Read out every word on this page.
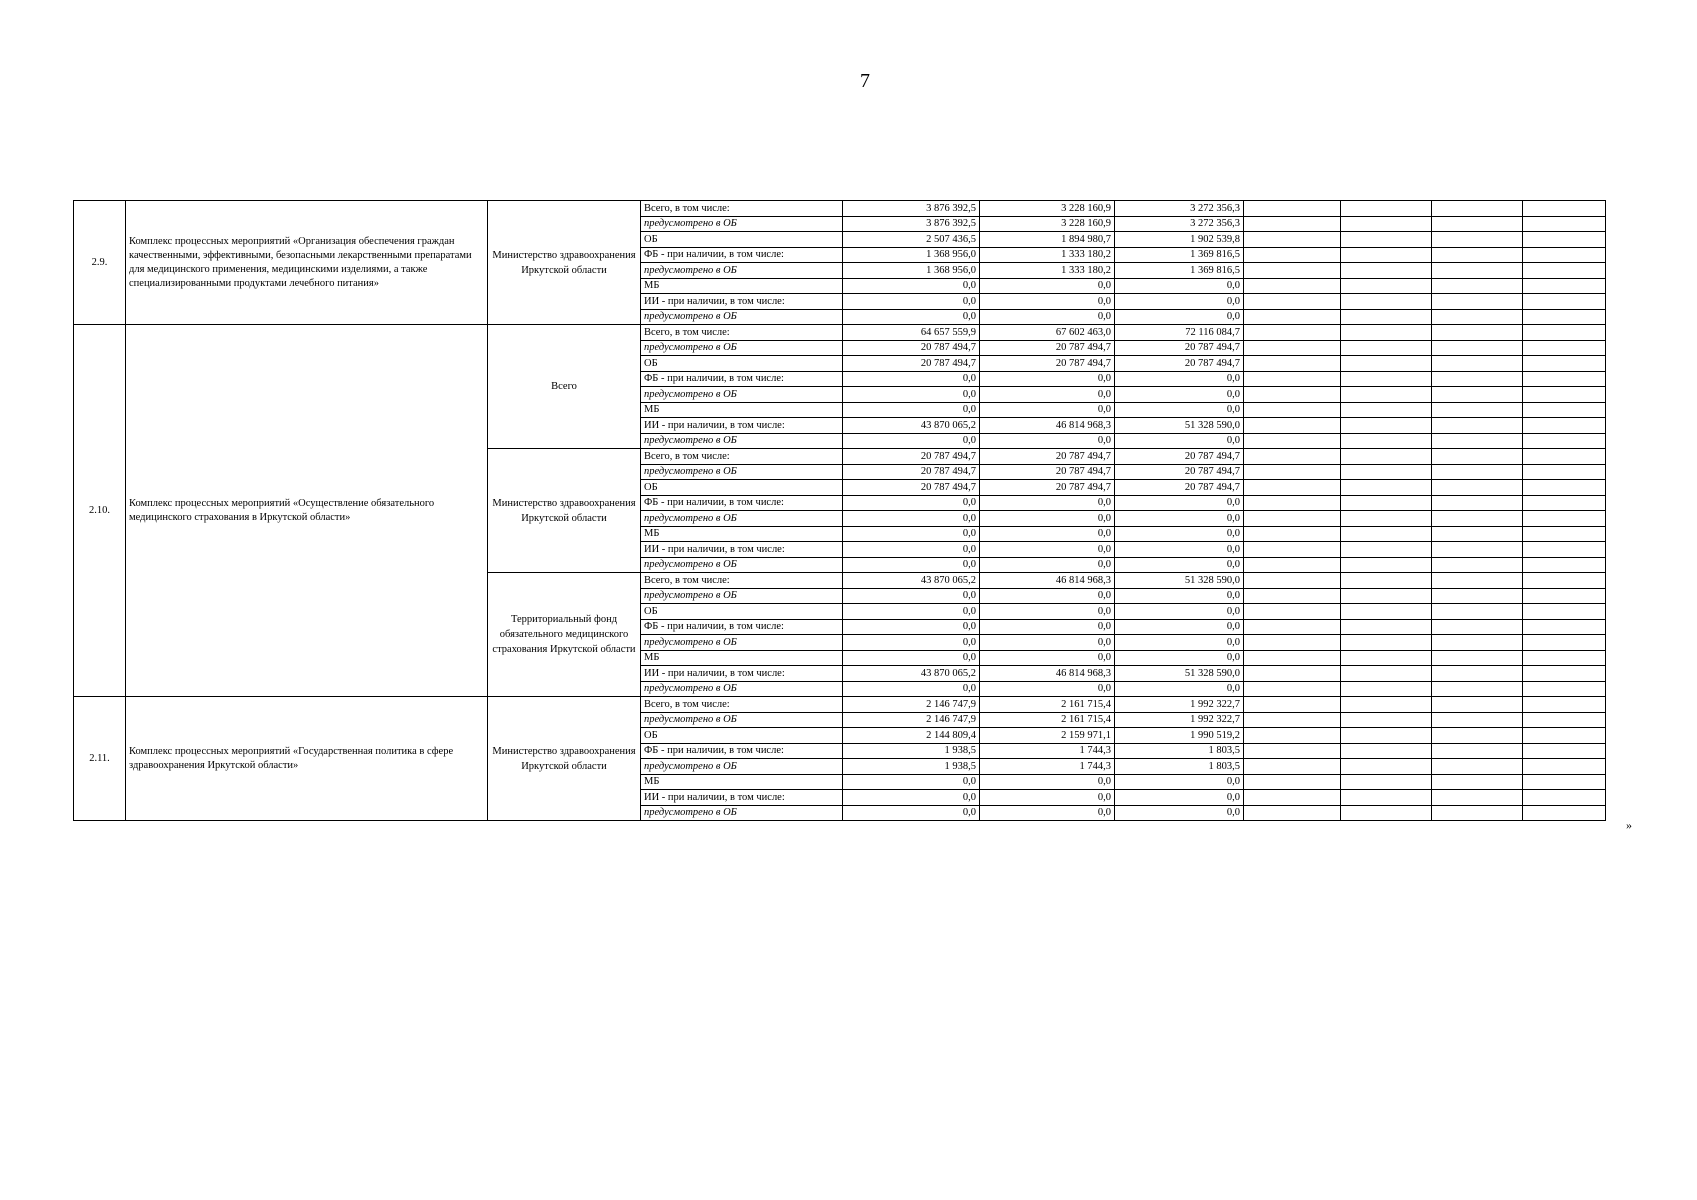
7
2.9.	Комплекс процессных мероприятий «Организация обеспечения граждан качественными, эффективными, безопасными лекарственными препаратами для медицинского применения, медицинскими изделиями, а также специализированными продуктами лечебного питания»	Министерство здравоохранения Иркутской области	Всего, в том числе:	3 876 392,5	3 228 160,9	3 272 356,3				
			предусмотрено в ОБ	3 876 392,5	3 228 160,9	3 272 356,3				
			ОБ	2 507 436,5	1 894 980,7	1 902 539,8				
			ФБ - при наличии, в том числе:	1 368 956,0	1 333 180,2	1 369 816,5				
			предусмотрено в ОБ	1 368 956,0	1 333 180,2	1 369 816,5				
			МБ	0,0	0,0	0,0				
			ИИ - при наличии, в том числе:	0,0	0,0	0,0				
			предусмотрено в ОБ	0,0	0,0	0,0				
2.10.	Комплекс процессных мероприятий «Осуществление обязательного медицинского страхования в Иркутской области»	Всего	Всего, в том числе:	64 657 559,9	67 602 463,0	72 116 084,7				
			предусмотрено в ОБ	20 787 494,7	20 787 494,7	20 787 494,7				
			ОБ	20 787 494,7	20 787 494,7	20 787 494,7				
			ФБ - при наличии, в том числе:	0,0	0,0	0,0				
			предусмотрено в ОБ	0,0	0,0	0,0				
			МБ	0,0	0,0	0,0				
			ИИ - при наличии, в том числе:	43 870 065,2	46 814 968,3	51 328 590,0				
			предусмотрено в ОБ	0,0	0,0	0,0				
		Министерство здравоохранения Иркутской области	Всего, в том числе:	20 787 494,7	20 787 494,7	20 787 494,7				
			предусмотрено в ОБ	20 787 494,7	20 787 494,7	20 787 494,7				
			ОБ	20 787 494,7	20 787 494,7	20 787 494,7				
			ФБ - при наличии, в том числе:	0,0	0,0	0,0				
			предусмотрено в ОБ	0,0	0,0	0,0				
			МБ	0,0	0,0	0,0				
			ИИ - при наличии, в том числе:	0,0	0,0	0,0				
			предусмотрено в ОБ	0,0	0,0	0,0				
		Территориальный фонд обязательного медицинского страхования Иркутской области	Всего, в том числе:	43 870 065,2	46 814 968,3	51 328 590,0				
			предусмотрено в ОБ	0,0	0,0	0,0				
			ОБ	0,0	0,0	0,0				
			ФБ - при наличии, в том числе:	0,0	0,0	0,0				
			предусмотрено в ОБ	0,0	0,0	0,0				
			МБ	0,0	0,0	0,0				
			ИИ - при наличии, в том числе:	43 870 065,2	46 814 968,3	51 328 590,0				
			предусмотрено в ОБ	0,0	0,0	0,0				
2.11.	Комплекс процессных мероприятий «Государственная политика в сфере здравоохранения Иркутской области»	Министерство здравоохранения Иркутской области	Всего, в том числе:	2 146 747,9	2 161 715,4	1 992 322,7				
			предусмотрено в ОБ	2 146 747,9	2 161 715,4	1 992 322,7				
			ОБ	2 144 809,4	2 159 971,1	1 990 519,2				
			ФБ - при наличии, в том числе:	1 938,5	1 744,3	1 803,5				
			предусмотрено в ОБ	1 938,5	1 744,3	1 803,5				
			МБ	0,0	0,0	0,0				
			ИИ - при наличии, в том числе:	0,0	0,0	0,0				
			предусмотрено в ОБ	0,0	0,0	0,0				
»
